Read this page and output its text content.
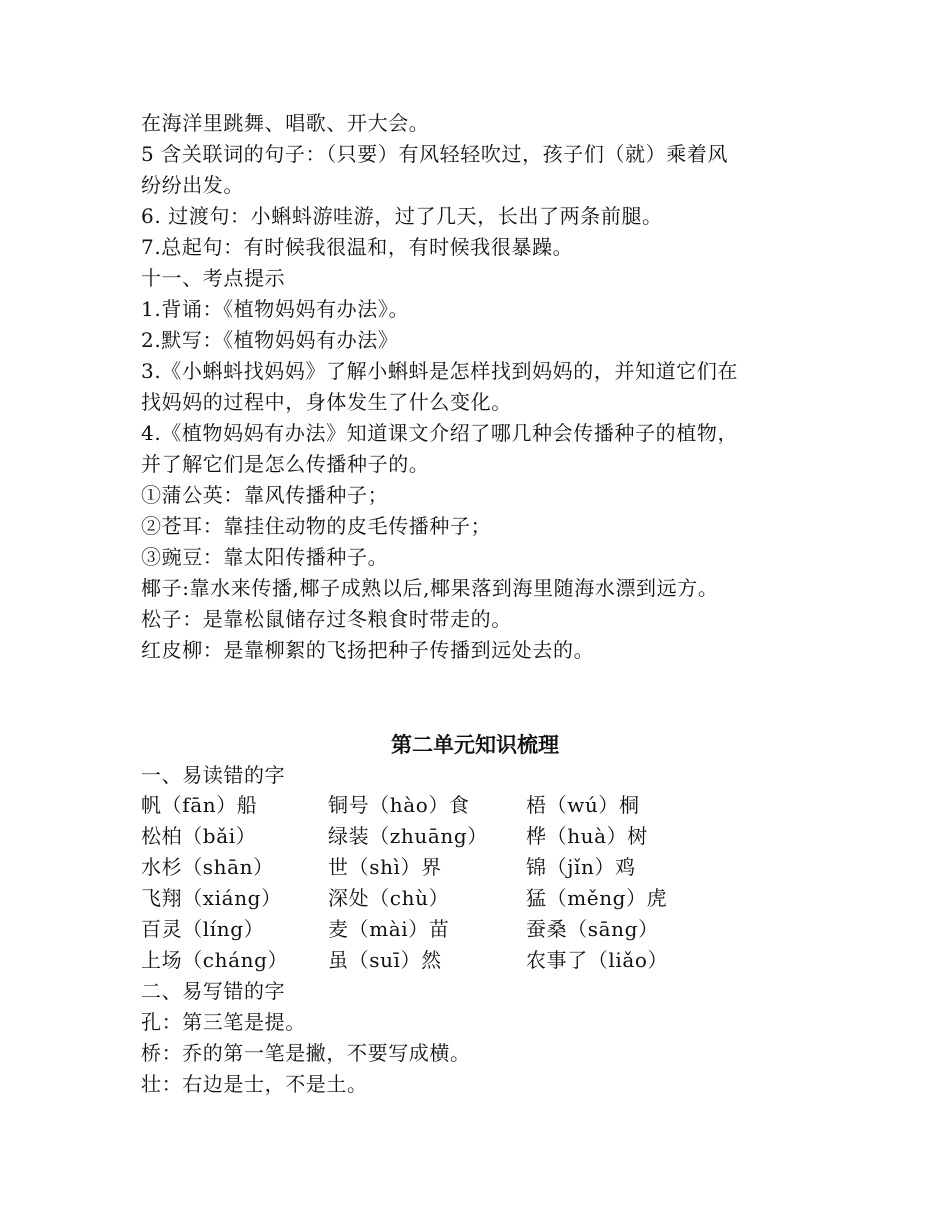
在海洋里跳舞、唱歌、开大会。

5 含关联词的句子：（只要）有风轻轻吹过，孩子们（就）乘着风

纷纷出发。

6. 过渡句：小蝌蚪游哇游，过了几天，长出了两条前腿。

7.总起句：有时候我很温和，有时候我很暴躁。

十一、考点提示

1.背诵：《植物妈妈有办法》。

2.默写：《植物妈妈有办法》

3.《小蝌蚪找妈妈》了解小蝌蚪是怎样找到妈妈的，并知道它们在

找妈妈的过程中，身体发生了什么变化。

4.《植物妈妈有办法》知道课文介绍了哪几种会传播种子的植物，

并了解它们是怎么传播种子的。

①蒲公英：靠风传播种子；

②苍耳：靠挂住动物的皮毛传播种子；

③豌豆：靠太阳传播种子。

椰子:靠水来传播,椰子成熟以后,椰果落到海里随海水漂到远方。

松子：是靠松鼠储存过冬粮食时带走的。

红皮柳：是靠柳絮的飞扬把种子传播到远处去的。

第二单元知识梳理

一、易读错的字

帆（fān）船	铜号（hào）食	梧（wú）桐
松柏（bǎi）	绿装（zhuāng） 桦（huà）树
水杉（shān）	世（shì）界	锦（jǐn）鸡
飞翔（xiáng） 深处（chù）	猛（měng）虎
百灵（líng）	麦（mài）苗	蚕桑（sāng）
上场（cháng） 虽（suī）然	农事了（liǎo）

二、易写错的字

孔：第三笔是提。

桥：乔的第一笔是撇，不要写成横。

壮：右边是士，不是土。
